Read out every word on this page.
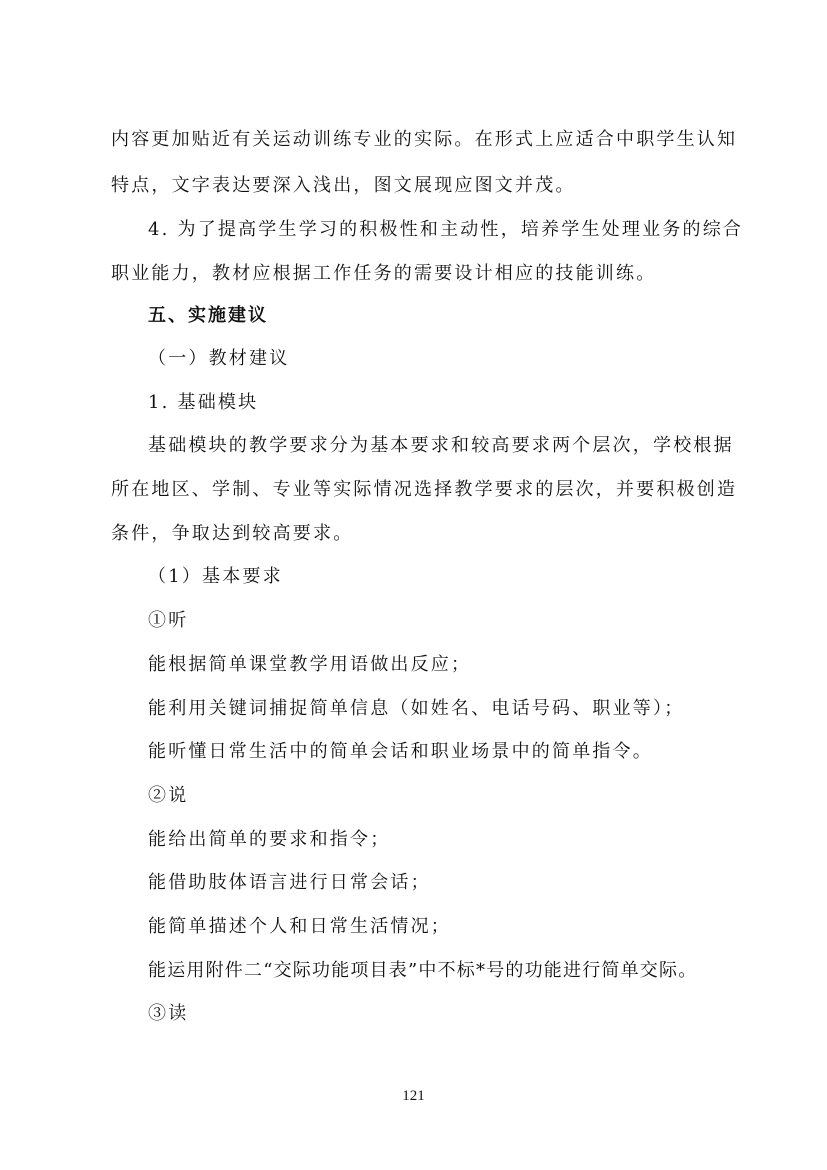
内容更加贴近有关运动训练专业的实际。在形式上应适合中职学生认知
特点，文字表达要深入浅出，图文展现应图文并茂。
4. 为了提高学生学习的积极性和主动性，培养学生处理业务的综合
职业能力，教材应根据工作任务的需要设计相应的技能训练。
五、实施建议
（一）教材建议
1. 基础模块
基础模块的教学要求分为基本要求和较高要求两个层次，学校根据
所在地区、学制、专业等实际情况选择教学要求的层次，并要积极创造
条件，争取达到较高要求。
（1）基本要求
①听
能根据简单课堂教学用语做出反应；
能利用关键词捕捉简单信息（如姓名、电话号码、职业等）；
能听懂日常生活中的简单会话和职业场景中的简单指令。
②说
能给出简单的要求和指令；
能借助肢体语言进行日常会话；
能简单描述个人和日常生活情况；
能运用附件二“交际功能项目表”中不标*号的功能进行简单交际。
③读
121
